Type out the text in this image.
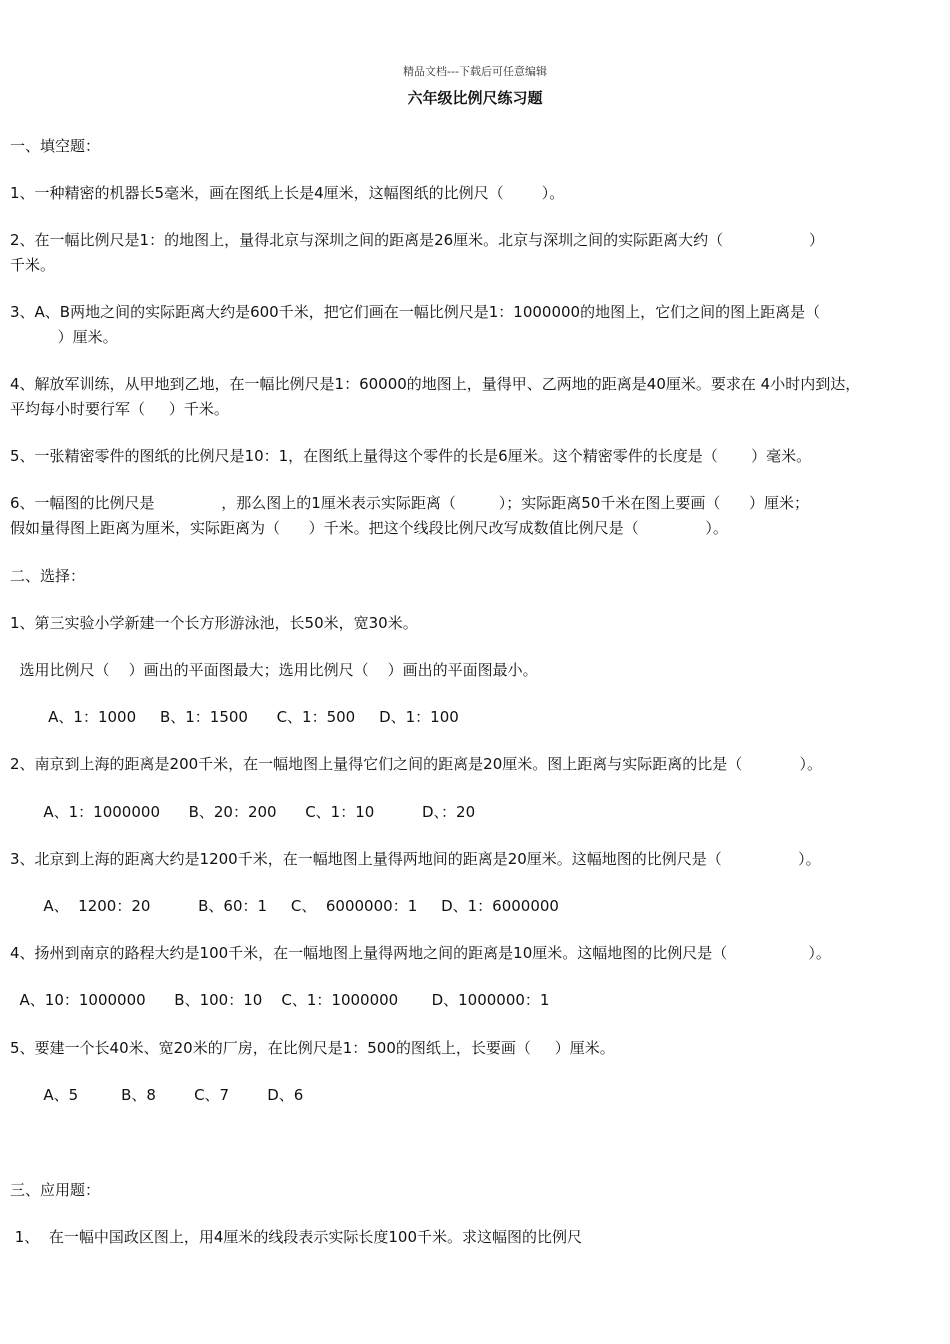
精品文档---下载后可任意编辑
六年级比例尺练习题
一、填空题：
1、一种精密的机器长5毫米，画在图纸上长是4厘米，这幅图纸的比例尺（        ）。
2、在一幅比例尺是1：的地图上，量得北京与深圳之间的距离是26厘米。北京与深圳之间的实际距离大约（                  ）
千米。
3、A、B两地之间的实际距离大约是600千米，把它们画在一幅比例尺是1：1000000的地图上，它们之间的图上距离是（
）厘米。
4、解放军训练，从甲地到乙地，在一幅比例尺是1：60000的地图上，量得甲、乙两地的距离是40厘米。要求在 4小时内到达，
平均每小时要行军（     ）千米。
5、一张精密零件的图纸的比例尺是10：1，在图纸上量得这个零件的长是6厘米。这个精密零件的长度是（       ）毫米。
6、一幅图的比例尺是              ，那么图上的1厘米表示实际距离（         ）；实际距离50千米在图上要画（      ）厘米；
假如量得图上距离为厘米，实际距离为（      ）千米。把这个线段比例尺改写成数值比例尺是（              ）。
二、选择：
1、第三实验小学新建一个长方形游泳池，长50米，宽30米。
选用比例尺（    ）画出的平面图最大；选用比例尺（    ）画出的平面图最小。
A、1：1000     B、1：1500      C、1：500     D、1：100
2、南京到上海的距离是200千米，在一幅地图上量得它们之间的距离是20厘米。图上距离与实际距离的比是（            ）。
A、1：1000000      B、20：200      C、1：10          D、：20
3、北京到上海的距离大约是1200千米，在一幅地图上量得两地间的距离是20厘米。这幅地图的比例尺是（                ）。
A、  1200：20          B、60：1     C、  6000000：1     D、1：6000000
4、扬州到南京的路程大约是100千米，在一幅地图上量得两地之间的距离是10厘米。这幅地图的比例尺是（                 ）。
A、10：1000000      B、100：10    C、1：1000000       D、1000000：1
5、要建一个长40米、宽20米的厂房，在比例尺是1：500的图纸上，长要画（     ）厘米。
A、5         B、8        C、7        D、6
三、应用题：
1、  在一幅中国政区图上，用4厘米的线段表示实际长度100千米。求这幅图的比例尺
